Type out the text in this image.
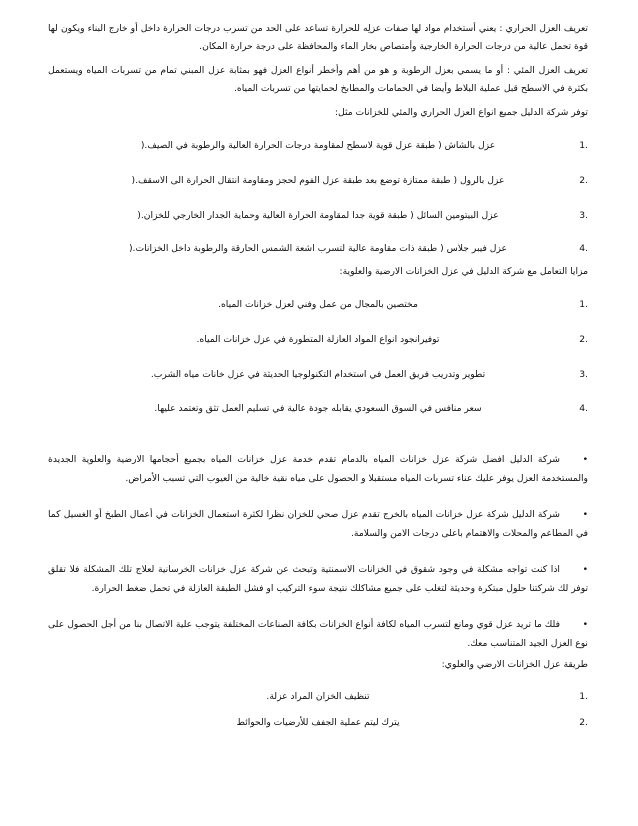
تعريف العزل الحراري : يعني أستخدام مواد لها صفات عزلِه للحرارة تساعد على الحد من تسرب درجات الحرارة داخل أو خارج البناء ويكون لها قوة تحمل عالية من درجات الحرارة الخارجية وأمتصاص بخار الماء والمحافظة على درجة حرارة المكان.

تعريف العزل المئي : أو ما يسمي بعزل الرطوبة و هو من أهم وأخطر أنواع العزل فهو بمثابة عزل المبني تمام من تسربات المياه ويستعمل بكثرة في الاسطح قبل عملية البلاط وأيضا في الحمامات والمطابخ لحمايتها من تسربات المياه.

توفر شركة الدليل جميع انواع العزل الحراري والمئي للخزانات مثل:

1.
عزل بالشاش ( طبقة عزل قوية لاسطح لمقاومة درجات الحرارة العالية والرطوبة في الصيف.(
2.
عزل بالرول ( طبقة ممتازة توضع بعد طبقة عزل الفوم لحجز ومقاومة انتقال الحرارة الى الاسقف.(
3.
عزل البيتومين السائل ( طبقة قوية جدا لمقاومة الحرارة العالية وحماية الجدار الخارجي للخزان.(
4.
عزل فيبر جلاس ( طبقة ذات مقاومة عالية لتسرب اشعة الشمس الحارقة والرطوبة داخل الخزانات.(

مزايا التعامل مع شركة الدليل في عزل الخزانات الارضية والعلوية:

1.
مختصين بالمجال من عمل وفني لعزل خزانات المياه.
2.
توفيرانجود انواع المواد العازلة المتطورة في عزل خزانات المياه.
3.
تطوير وتدريب فريق العمل في استخدام التكنولوجيا الحديثة في عزل خانات مياه الشرب.
4.
سعر منافس في السوق السعودي يقابله جودة عالية في تسليم العمل تثق وتعتمد عليها.

•شركة الدليل افضل شركة عزل خزانات المياه بالدمام تقدم خدمة عزل خزانات المياه بجميع أحجامها الارضية والعلوية الجديدة والمستخدمة العزل يوفر عليك عناء تسربات المياه مستقبلا و الحصول على مياه نقية خالية من العيوب التي تسبب الأمراض.

•شركة الدليل شركة عزل خزانات المياه بالخرج تقدم عزل صحي للخزان نظرا لكثرة استعمال الخزانات في أعمال الطبخ أو الغسيل كما في المطاعم والمحلات والاهتمام باعلى درجات الامن والسلامة.

•اذا كنت تواجه مشكلة في وجود شقوق في الخزانات الاسمنتية وتبحث عن شركة عزل خزانات الخرسانية لعلاج تلك المشكلة فلا تقلق توفر لك شركتنا حلول مبتكرة وحديثة لتغلب على جميع مشاكلك نتيجة سوء التركيب او فشل الطبقة العازلة في تحمل ضغط الحرارة.

•فلك ما تريد عزل قوي ومانع لتسرب المياه لكافة أنواع الخزانات بكافة الصناعات المختلفة يتوجب علية الاتصال بنا من أجل الحصول على نوع العزل الجيد المتناسب معك.

طريقة عزل الخزانات الارضي والعلوي:

1.
تنظيف الخزان المراد عزلة.
2.
يترك ليتم عملية الجفف للأرضيات والحوائط
